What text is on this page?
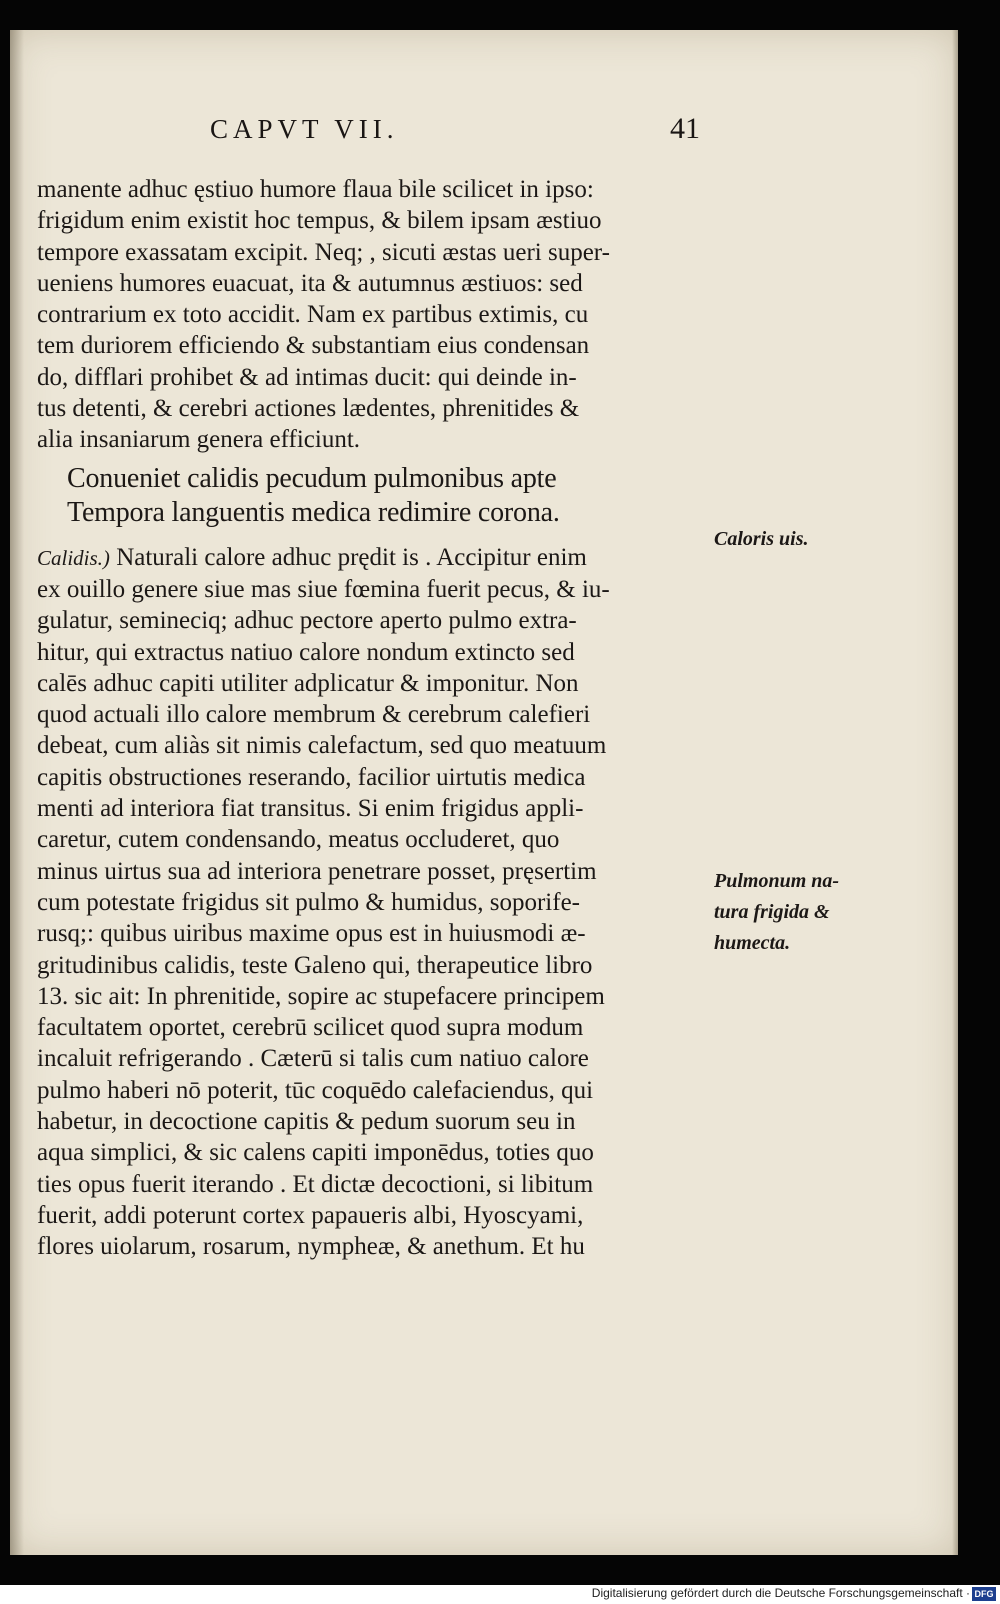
CAPVT VII.	41
manente adhuc ęstiuo humore flaua bile scilicet in ipso:
frigidum enim existit hoc tempus, & bilem ipsam æstiuo
tempore exassatam excipit. Neq; , sicuti æstas ueri super-
ueniens humores euacuat, ita & autumnus æstiuos: sed
contrarium ex toto accidit. Nam ex partibus extimis, cu
tem duriorem efficiendo & substantiam eius condensan
do, difflari prohibet & ad intimas ducit: qui deinde in-
tus detenti, & cerebri actiones lædentes, phrenitides &
alia insaniarum genera efficiunt.
Conueniet calidis pecudum pulmonibus apte
Tempora languentis medica redimire corona.
Calidis.) Naturali calore adhuc prędit is . Accipitur enim
ex ouillo genere siue mas siue fœmina fuerit pecus, & iu-
gulatur, semineciq; adhuc pectore aperto pulmo extra-
hitur, qui extractus natiuo calore nondum extincto sed
calēs adhuc capiti utiliter adplicatur & imponitur. Non
quod actuali illo calore membrum & cerebrum calefieri
debeat, cum aliàs sit nimis calefactum, sed quo meatuum
capitis obstructiones reserando, facilior uirtutis medica
menti ad interiora fiat transitus. Si enim frigidus appli-
caretur, cutem condensando, meatus occluderet, quo
minus uirtus sua ad interiora penetrare posset, pręsertim
cum potestate frigidus sit pulmo & humidus, soporife-
rusq;: quibus uiribus maxime opus est in huiusmodi æ-
gritudinibus calidis, teste Galeno qui, therapeutice libro
13. sic ait: In phrenitide, sopire ac stupefacere principem
facultatem oportet, cerebrū scilicet quod supra modum
incaluit refrigerando . Cæterū si talis cum natiuo calore
pulmo haberi nō poterit, tūc coquēdo calefaciendus, qui
habetur, in decoctione capitis & pedum suorum seu in
aqua simplici, & sic calens capiti imponēdus, toties quo
ties opus fuerit iterando . Et dictæ decoctioni, si libitum
fuerit, addi poterunt cortex papaueris albi, Hyoscyami,
flores uiolarum, rosarum, nympheæ, & anethum. Et hu
Caloris uis.
Pulmonum na-
tura frigida &
humecta.
Digitalisierung gefördert durch die Deutsche Forschungsgemeinschaft · DFG
